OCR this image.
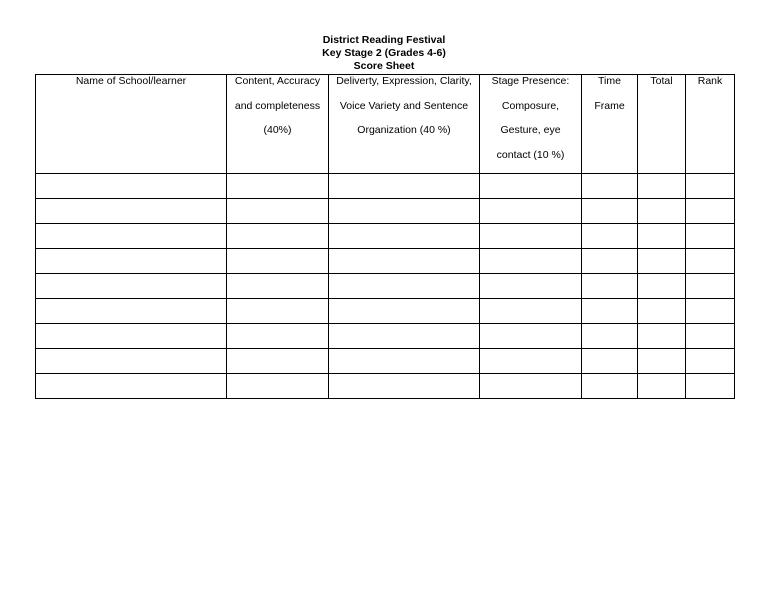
District Reading Festival
Key Stage 2 (Grades 4-6)
Score Sheet
Name of School/learner	Content, Accuracy and completeness (40%)	Deliverty, Expression, Clarity, Voice Variety and Sentence Organization (40 %)	Stage Presence: Composure, Gesture, eye contact (10 %)	Time Frame	Total	Rank
